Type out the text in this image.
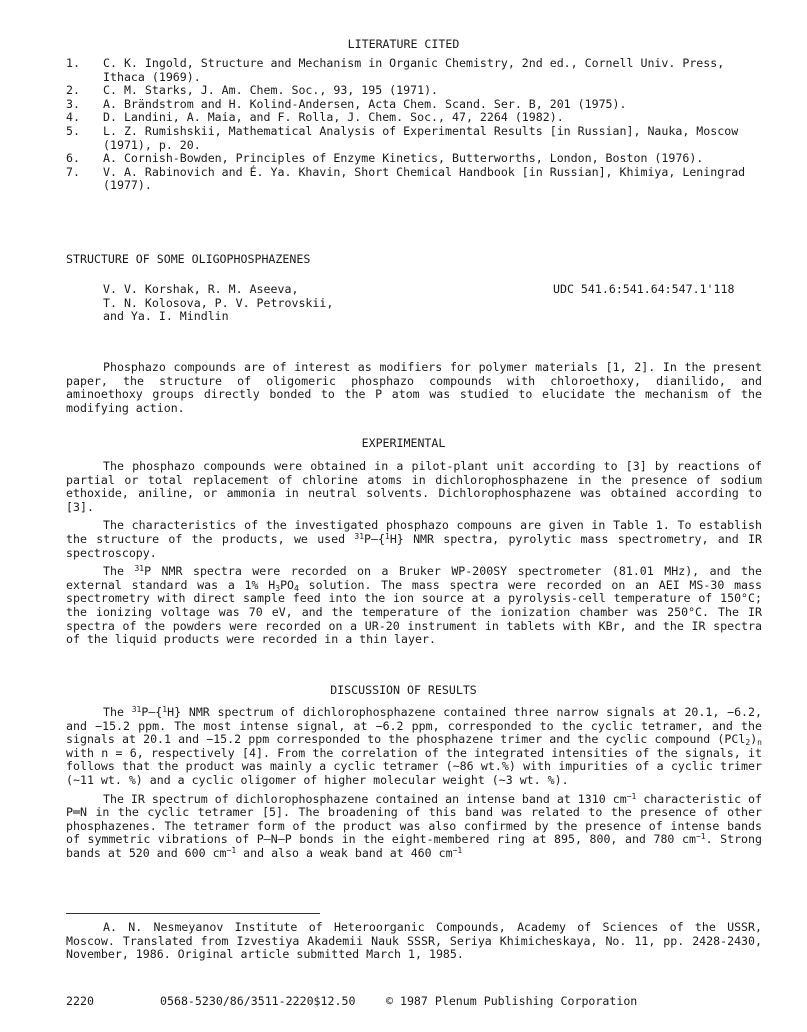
LITERATURE CITED
1. C. K. Ingold, Structure and Mechanism in Organic Chemistry, 2nd ed., Cornell Univ. Press, Ithaca (1969).
2. C. M. Starks, J. Am. Chem. Soc., 93, 195 (1971).
3. A. Brändstrom and H. Kolind-Andersen, Acta Chem. Scand. Ser. B, 201 (1975).
4. D. Landini, A. Maia, and F. Rolla, J. Chem. Soc., 47, 2264 (1982).
5. L. Z. Rumishskii, Mathematical Analysis of Experimental Results [in Russian], Nauka, Moscow (1971), p. 20.
6. A. Cornish-Bowden, Principles of Enzyme Kinetics, Butterworths, London, Boston (1976).
7. V. A. Rabinovich and É. Ya. Khavin, Short Chemical Handbook [in Russian], Khimiya, Leningrad (1977).
STRUCTURE OF SOME OLIGOPHOSPHAZENES
V. V. Korshak, R. M. Aseeva,
T. N. Kolosova, P. V. Petrovskii,
and Ya. I. Mindlin
UDC 541.6:541.64:547.1'118

Phosphazo compounds are of interest as modifiers for polymer materials [1, 2]. In the present paper, the structure of oligomeric phosphazo compounds with chloroethoxy, dianilido, and aminoethoxy groups directly bonded to the P atom was studied to elucidate the mechanism of the modifying action.

EXPERIMENTAL

The phosphazo compounds were obtained in a pilot-plant unit according to [3] by reactions of partial or total replacement of chlorine atoms in dichlorophosphazene in the presence of sodium ethoxide, aniline, or ammonia in neutral solvents. Dichlorophosphazene was obtained according to [3].

The characteristics of the investigated phosphazo compouns are given in Table 1. To establish the structure of the products, we used $^{31}$P–{$^1$H} NMR spectra, pyrolytic mass spectrometry, and IR spectroscopy.

The $^{31}$P NMR spectra were recorded on a Bruker WP-200SY spectrometer (81.01 MHz), and the external standard was a 1% $H_3PO_4$ solution. The mass spectra were recorded on an AEI MS-30 mass spectrometry with direct sample feed into the ion source at a pyrolysis-cell temperature of 150°C; the ionizing voltage was 70 eV, and the temperature of the ionization chamber was 250°C. The IR spectra of the powders were recorded on a UR-20 instrument in tablets with KBr, and the IR spectra of the liquid products were recorded in a thin layer.

DISCUSSION OF RESULTS

The $^{31}$P–{$^1$H} NMR spectrum of dichlorophosphazene contained three narrow signals at 20.1, −6.2, and −15.2 ppm. The most intense signal, at −6.2 ppm, corresponded to the cyclic tetramer, and the signals at 20.1 and −15.2 ppm corresponded to the phosphazene trimer and the cyclic compound $(PCl_2)_n$ with n = 6, respectively [4]. From the correlation of the integrated intensities of the signals, it follows that the product was mainly a cyclic tetramer (~86 wt.%) with impurities of a cyclic trimer (~11 wt. %) and a cyclic oligomer of higher molecular weight (~3 wt. %).

The IR spectrum of dichlorophosphazene contained an intense band at 1310 $cm^{-1}$ characteristic of P═N in the cyclic tetramer [5]. The broadening of this band was related to the presence of other phosphazenes. The tetramer form of the product was also confirmed by the presence of intense bands of symmetric vibrations of P–N–P bonds in the eight-membered ring at 895, 800, and 780 $cm^{-1}$. Strong bands at 520 and 600 $cm^{-1}$ and also a weak band at 460 $cm^{-1}$

A. N. Nesmeyanov Institute of Heteroorganic Compounds, Academy of Sciences of the USSR, Moscow. Translated from Izvestiya Akademii Nauk SSSR, Seriya Khimicheskaya, No. 11, pp. 2428-2430, November, 1986. Original article submitted March 1, 1985.

2220	0568-5230/86/3511-2220$12.50	© 1987 Plenum Publishing Corporation
